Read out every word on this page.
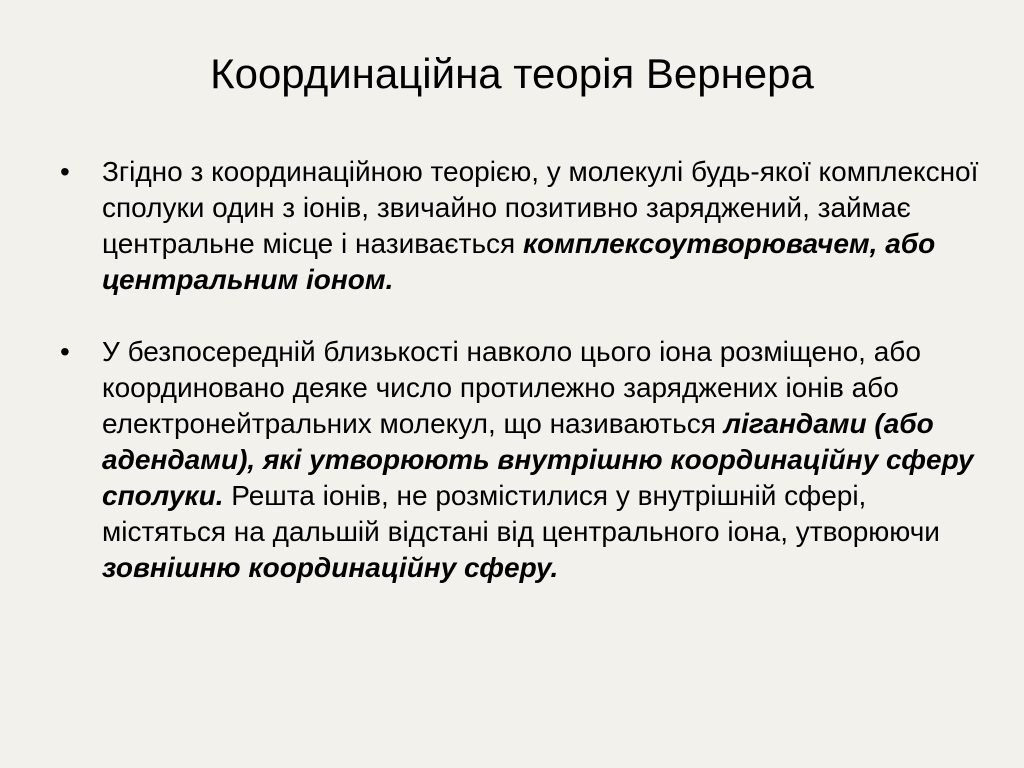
Координаційна теорія Вернера

•	Згідно з координаційною теорією, у молекулі будь-якої комплексної сполуки один з іонів, звичайно позитивно заряджений, займає центральне місце і називається комплексоутворювачем, або центральним іоном.

•	У безпосередній близькості навколо цього іона розміщено, або координовано деяке число протилежно заряджених іонів або електронейтральних молекул, що називаються лігандами (або адендами), які утворюють внутрішню координаційну сферу сполуки. Решта іонів, не розмістилися у внутрішній сфері, містяться на дальшій відстані від центрального іона, утворюючи зовнішню координаційну сферу.
